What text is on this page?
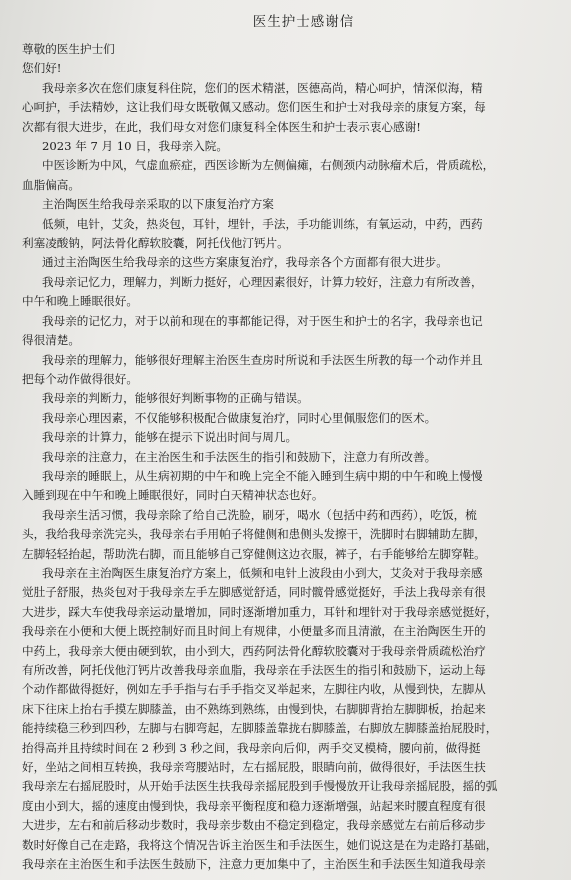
医生护士感谢信
尊敬的医生护士们
您们好!
我母亲多次在您们康复科住院，您们的医术精湛，医德高尚，精心呵护，情深似海，精
心呵护，手法精妙，这让我们母女既敬佩又感动。您们医生和护士对我母亲的康复方案，每
次都有很大进步，在此，我们母女对您们康复科全体医生和护士表示衷心感谢!
2023 年 7 月 10 日，我母亲入院。
中医诊断为中风，气虚血瘀症，西医诊断为左侧偏瘫，右侧颈内动脉瘤术后，骨质疏松，
血脂偏高。
主治陶医生给我母亲采取的以下康复治疗方案
低频，电针，艾灸，热炎包，耳针，埋针，手法，手功能训练，有氧运动，中药，西药
利塞凌酸钠，阿法骨化醇软胶囊，阿托伐他汀钙片。
通过主治陶医生给我母亲的这些方案康复治疗，我母亲各个方面都有很大进步。
我母亲记忆力，理解力，判断力挺好，心理因素很好，计算力较好，注意力有所改善，
中午和晚上睡眠很好。
我母亲的记忆力，对于以前和现在的事都能记得，对于医生和护士的名字，我母亲也记
得很清楚。
我母亲的理解力，能够很好理解主治医生查房时所说和手法医生所教的每一个动作并且
把每个动作做得很好。
我母亲的判断力，能够很好判断事物的正确与错误。
我母亲心理因素，不仅能够积极配合做康复治疗，同时心里佩服您们的医术。
我母亲的计算力，能够在提示下说出时间与周几。
我母亲的注意力，在主治医生和手法医生的指引和鼓励下，注意力有所改善。
我母亲的睡眠上，从生病初期的中午和晚上完全不能入睡到生病中期的中午和晚上慢慢
入睡到现在中午和晚上睡眠很好，同时白天精神状态也好。
我母亲生活习惯，我母亲除了给自己洗脸，刷牙，喝水（包括中药和西药），吃饭，梳
头，我给我母亲洗完头，我母亲右手用帕子将健侧和患侧头发擦干，洗脚时右脚辅助左脚，
左脚轻轻抬起，帮助洗右脚，而且能够自己穿健侧这边衣服，裤子，右手能够给左脚穿鞋。
我母亲在主治陶医生康复治疗方案上，低频和电针上波段由小到大，艾灸对于我母亲感
觉肚子舒服，热炎包对于我母亲左手左脚感觉舒适，同时髋骨感觉挺好，手法上我母亲有很
大进步，踩大车使我母亲运动量增加，同时逐渐增加重力，耳针和埋针对于我母亲感觉挺好，
我母亲在小便和大便上既控制好而且时间上有规律，小便量多而且清澈，在主治陶医生开的
中药上，我母亲大便由硬到软，由小到大，西药阿法骨化醇软胶囊对于我母亲骨质疏松治疗
有所改善，阿托伐他汀钙片改善我母亲血脂，我母亲在手法医生的指引和鼓励下，运动上每
个动作都做得挺好，例如左手手指与右手手指交叉举起来，左脚往内收，从慢到快，左脚从
床下往床上抬右手摸左脚膝盖，由不熟练到熟练，由慢到快，右脚脚背抬左脚脚板，抬起来
能持续稳三秒到四秒，左脚与右脚弯起，左脚膝盖靠拢右脚膝盖，右脚放左脚膝盖抬屁股时，
抬得高并且持续时间在 2 秒到 3 秒之间，我母亲向后仰，两手交叉模椅，腰向前，做得挺
好，坐站之间相互转换，我母亲弯腰站时，左右摇屁股，眼睛向前，做得很好，手法医生扶
我母亲左右摇屁股时，从开始手法医生扶我母亲摇屁股到手慢慢放开让我母亲摇屁股，摇的弧
度由小到大，摇的速度由慢到快，我母亲平衡程度和稳力逐渐增强，站起来时腰直程度有很
大进步，左右和前后移动步数时，我母亲步数由不稳定到稳定，我母亲感觉左右前后移动步
数时好像自己在走路，我将这个情况告诉主治医生和手法医生，她们说这是在为走路打基础，
我母亲在主治医生和手法医生鼓励下，注意力更加集中了，主治医生和手法医生知道我母亲
